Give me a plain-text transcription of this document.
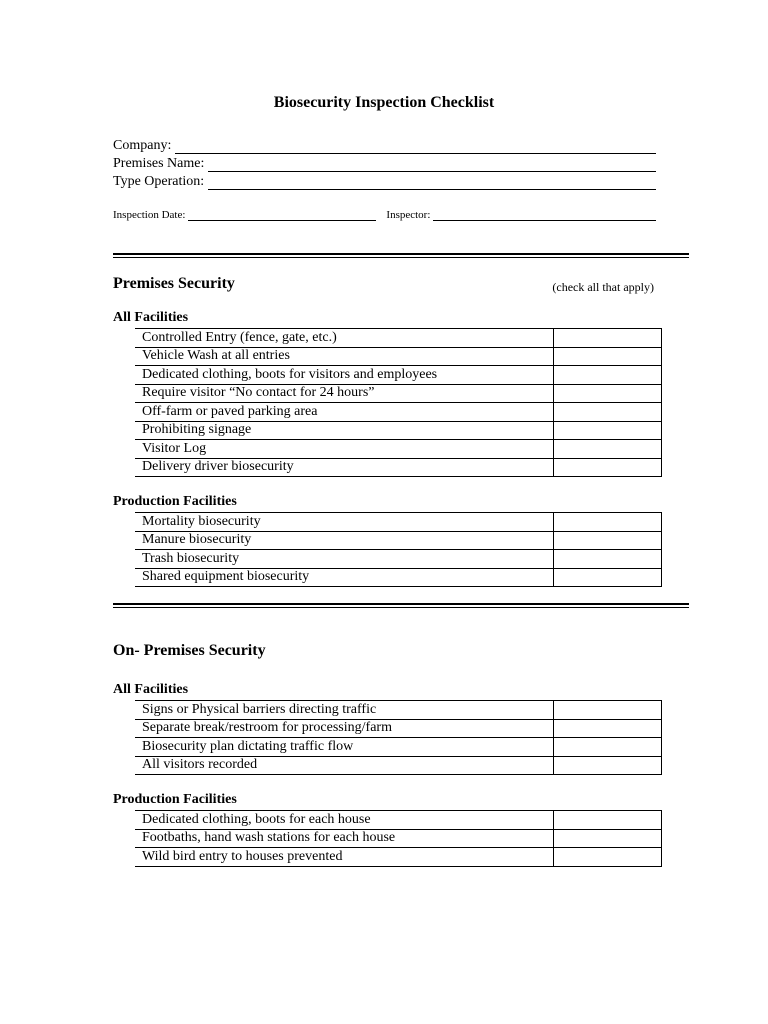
Biosecurity Inspection Checklist
Company:
Premises Name:
Type Operation:
Inspection Date:	Inspector:
Premises Security	(check all that apply)
All Facilities
Controlled Entry (fence, gate, etc.)	
Vehicle Wash at all entries	
Dedicated clothing, boots for visitors and employees	
Require visitor “No contact for 24 hours”	
Off-farm or paved parking area	
Prohibiting signage	
Visitor Log	
Delivery driver biosecurity	
Production Facilities
Mortality biosecurity	
Manure biosecurity	
Trash biosecurity	
Shared equipment biosecurity	
On- Premises Security
All Facilities
Signs or Physical barriers directing traffic	
Separate break/restroom for processing/farm	
Biosecurity plan dictating traffic flow	
All visitors recorded	
Production Facilities
Dedicated clothing, boots for each house	
Footbaths, hand wash stations for each house	
Wild bird entry to houses prevented	
